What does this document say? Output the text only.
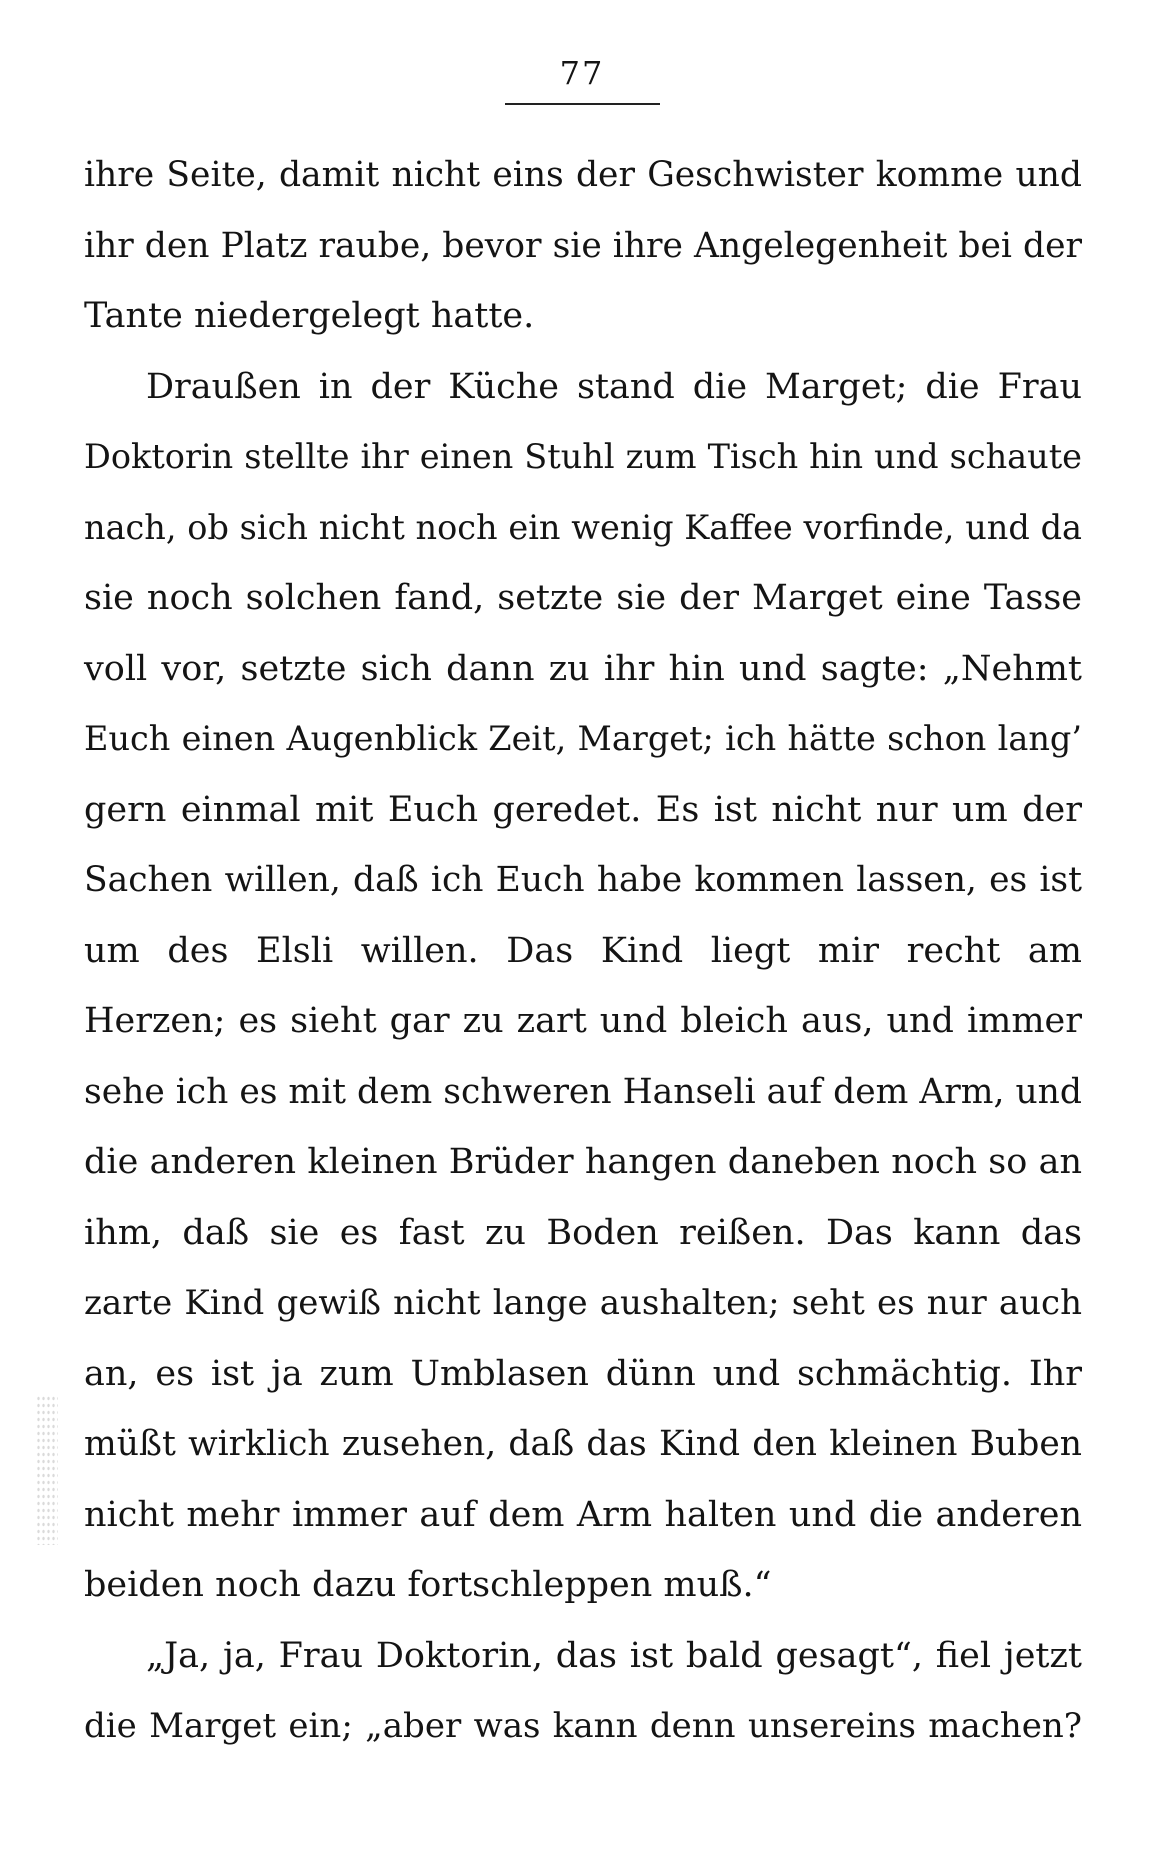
77
ihre Seite, damit nicht eins der Geschwister komme und
ihr den Platz raube, bevor sie ihre Angelegenheit bei der
Tante niedergelegt hatte.
Draußen in der Küche stand die Marget; die Frau
Doktorin stellte ihr einen Stuhl zum Tisch hin und schaute
nach, ob sich nicht noch ein wenig Kaffee vorfinde, und da
sie noch solchen fand, setzte sie der Marget eine Tasse
voll vor, setzte sich dann zu ihr hin und sagte: „Nehmt
Euch einen Augenblick Zeit, Marget; ich hätte schon lang’
gern einmal mit Euch geredet. Es ist nicht nur um der
Sachen willen, daß ich Euch habe kommen lassen, es ist
um des Elsli willen. Das Kind liegt mir recht am
Herzen; es sieht gar zu zart und bleich aus, und immer
sehe ich es mit dem schweren Hanseli auf dem Arm, und
die anderen kleinen Brüder hangen daneben noch so an
ihm, daß sie es fast zu Boden reißen. Das kann das
zarte Kind gewiß nicht lange aushalten; seht es nur auch
an, es ist ja zum Umblasen dünn und schmächtig. Ihr
müßt wirklich zusehen, daß das Kind den kleinen Buben
nicht mehr immer auf dem Arm halten und die anderen
beiden noch dazu fortschleppen muß.“
„Ja, ja, Frau Doktorin, das ist bald gesagt“, fiel jetzt
die Marget ein; „aber was kann denn unsereins machen?
